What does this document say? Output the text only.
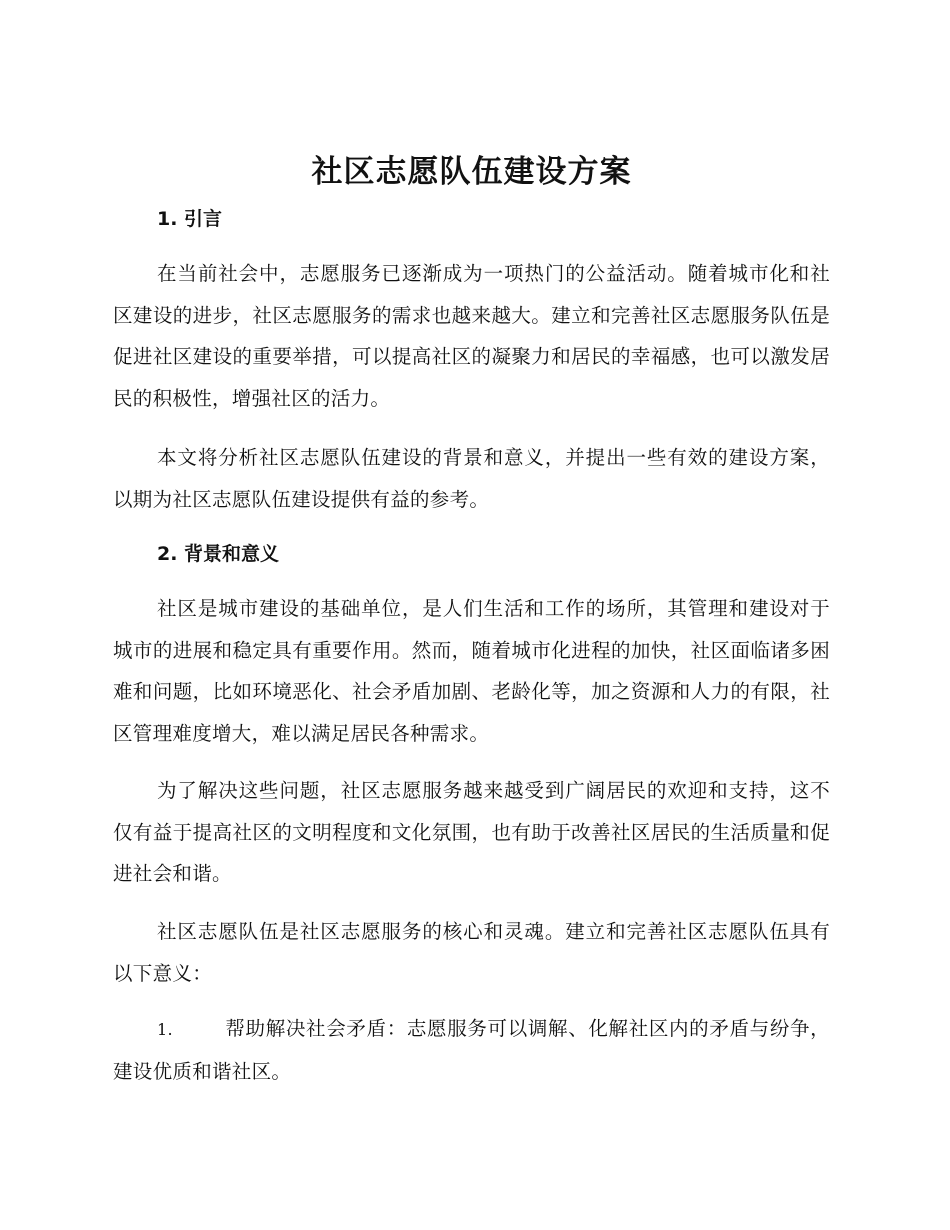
社区志愿队伍建设方案
1. 引言

在当前社会中，志愿服务已逐渐成为一项热门的公益活动。随着城市化和社区建设的进步，社区志愿服务的需求也越来越大。建立和完善社区志愿服务队伍是促进社区建设的重要举措，可以提高社区的凝聚力和居民的幸福感，也可以激发居民的积极性，增强社区的活力。

本文将分析社区志愿队伍建设的背景和意义，并提出一些有效的建设方案，以期为社区志愿队伍建设提供有益的参考。

2. 背景和意义

社区是城市建设的基础单位，是人们生活和工作的场所，其管理和建设对于城市的进展和稳定具有重要作用。然而，随着城市化进程的加快，社区面临诸多困难和问题，比如环境恶化、社会矛盾加剧、老龄化等，加之资源和人力的有限，社区管理难度增大，难以满足居民各种需求。

为了解决这些问题，社区志愿服务越来越受到广阔居民的欢迎和支持，这不仅有益于提高社区的文明程度和文化氛围，也有助于改善社区居民的生活质量和促进社会和谐。

社区志愿队伍是社区志愿服务的核心和灵魂。建立和完善社区志愿队伍具有以下意义：

1.	帮助解决社会矛盾：志愿服务可以调解、化解社区内的矛盾与纷争，建设优质和谐社区。
